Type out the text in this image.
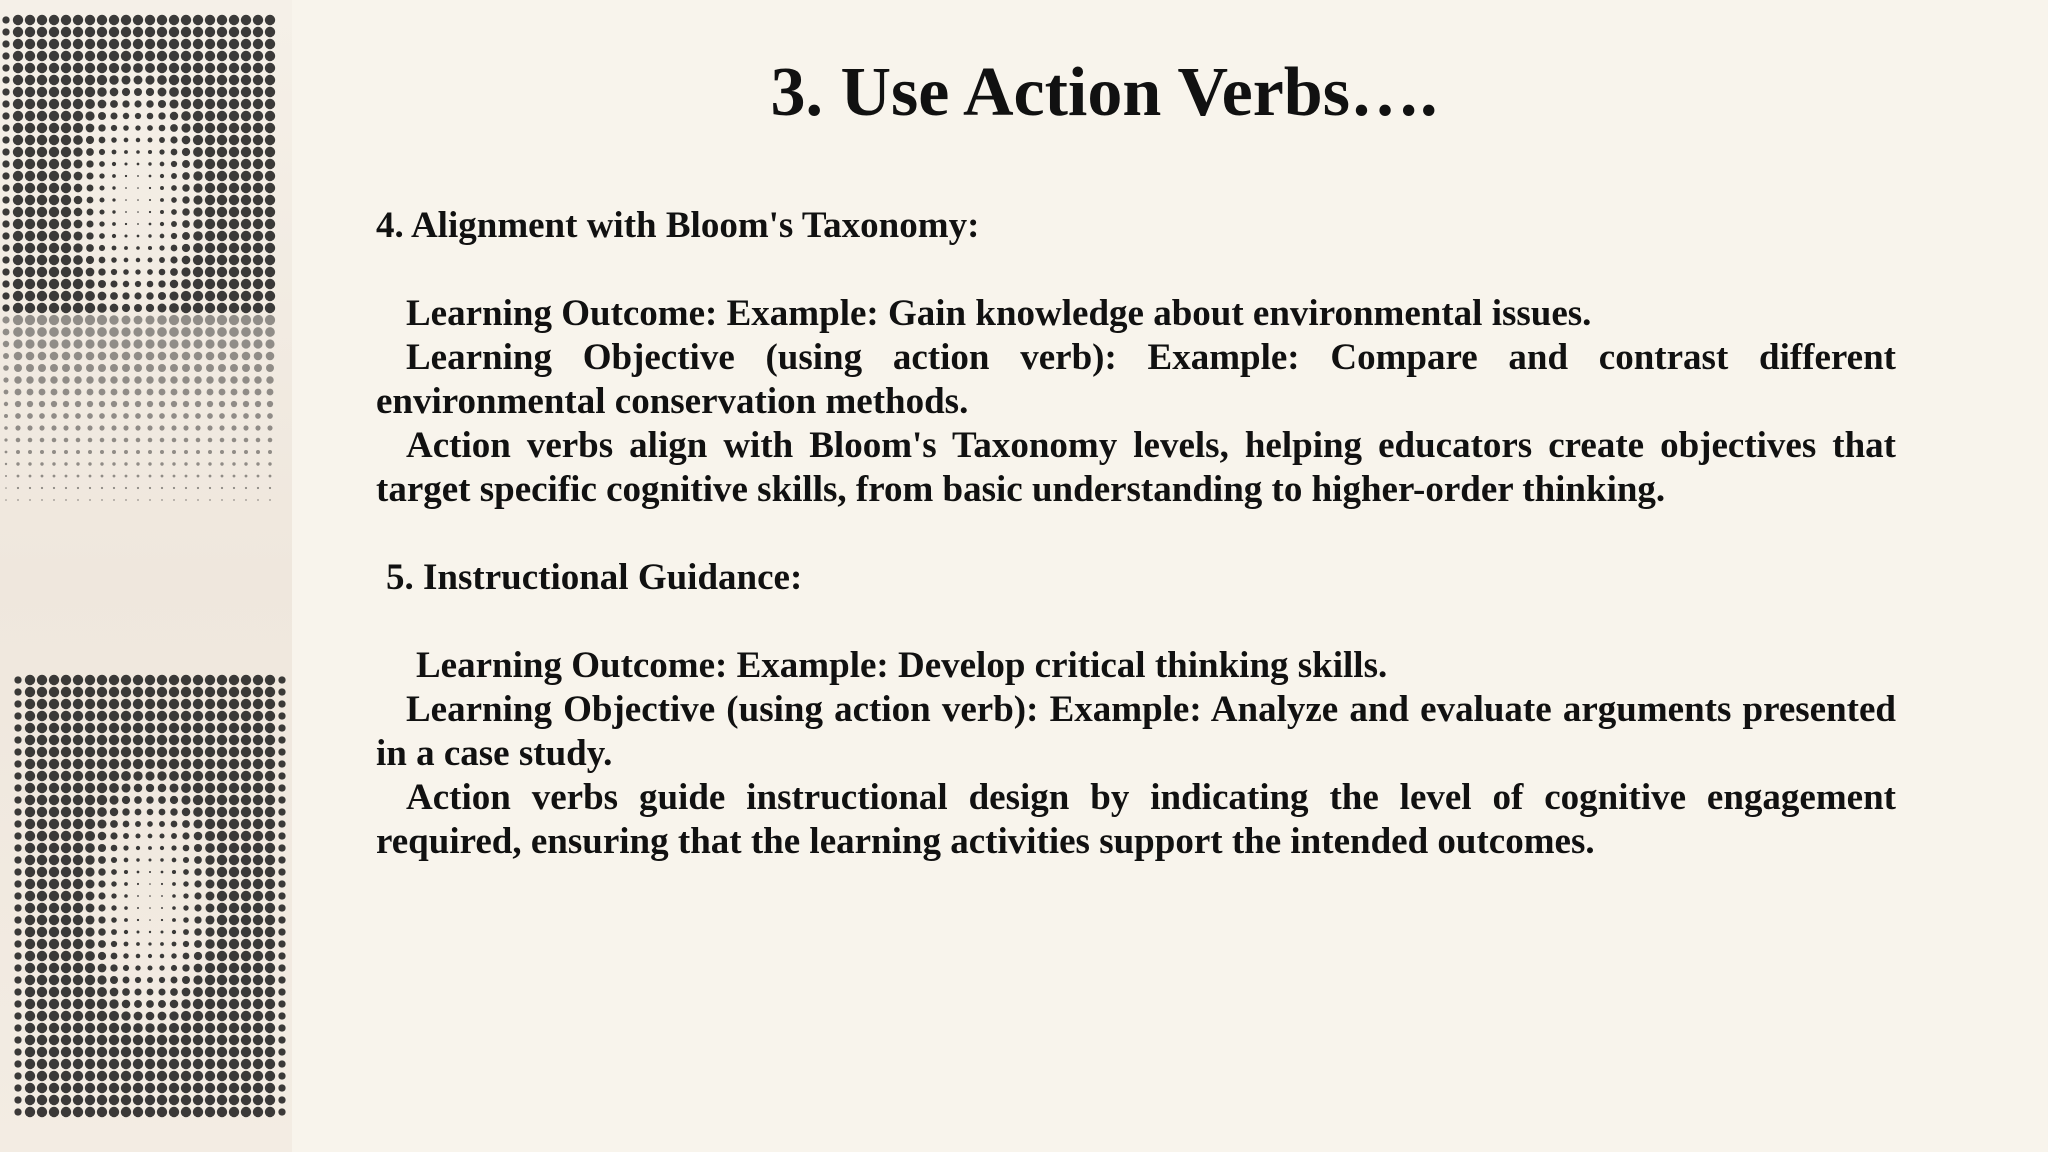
3. Use Action Verbs….

4. Alignment with Bloom's Taxonomy:

Learning Outcome: Example: Gain knowledge about environmental issues.

Learning Objective (using action verb): Example: Compare and contrast different environmental conservation methods.

Action verbs align with Bloom's Taxonomy levels, helping educators create objectives that target specific cognitive skills, from basic understanding to higher-order thinking.

5. Instructional Guidance:

Learning Outcome: Example: Develop critical thinking skills.

Learning Objective (using action verb): Example: Analyze and evaluate arguments presented in a case study.

Action verbs guide instructional design by indicating the level of cognitive engagement required, ensuring that the learning activities support the intended outcomes.
